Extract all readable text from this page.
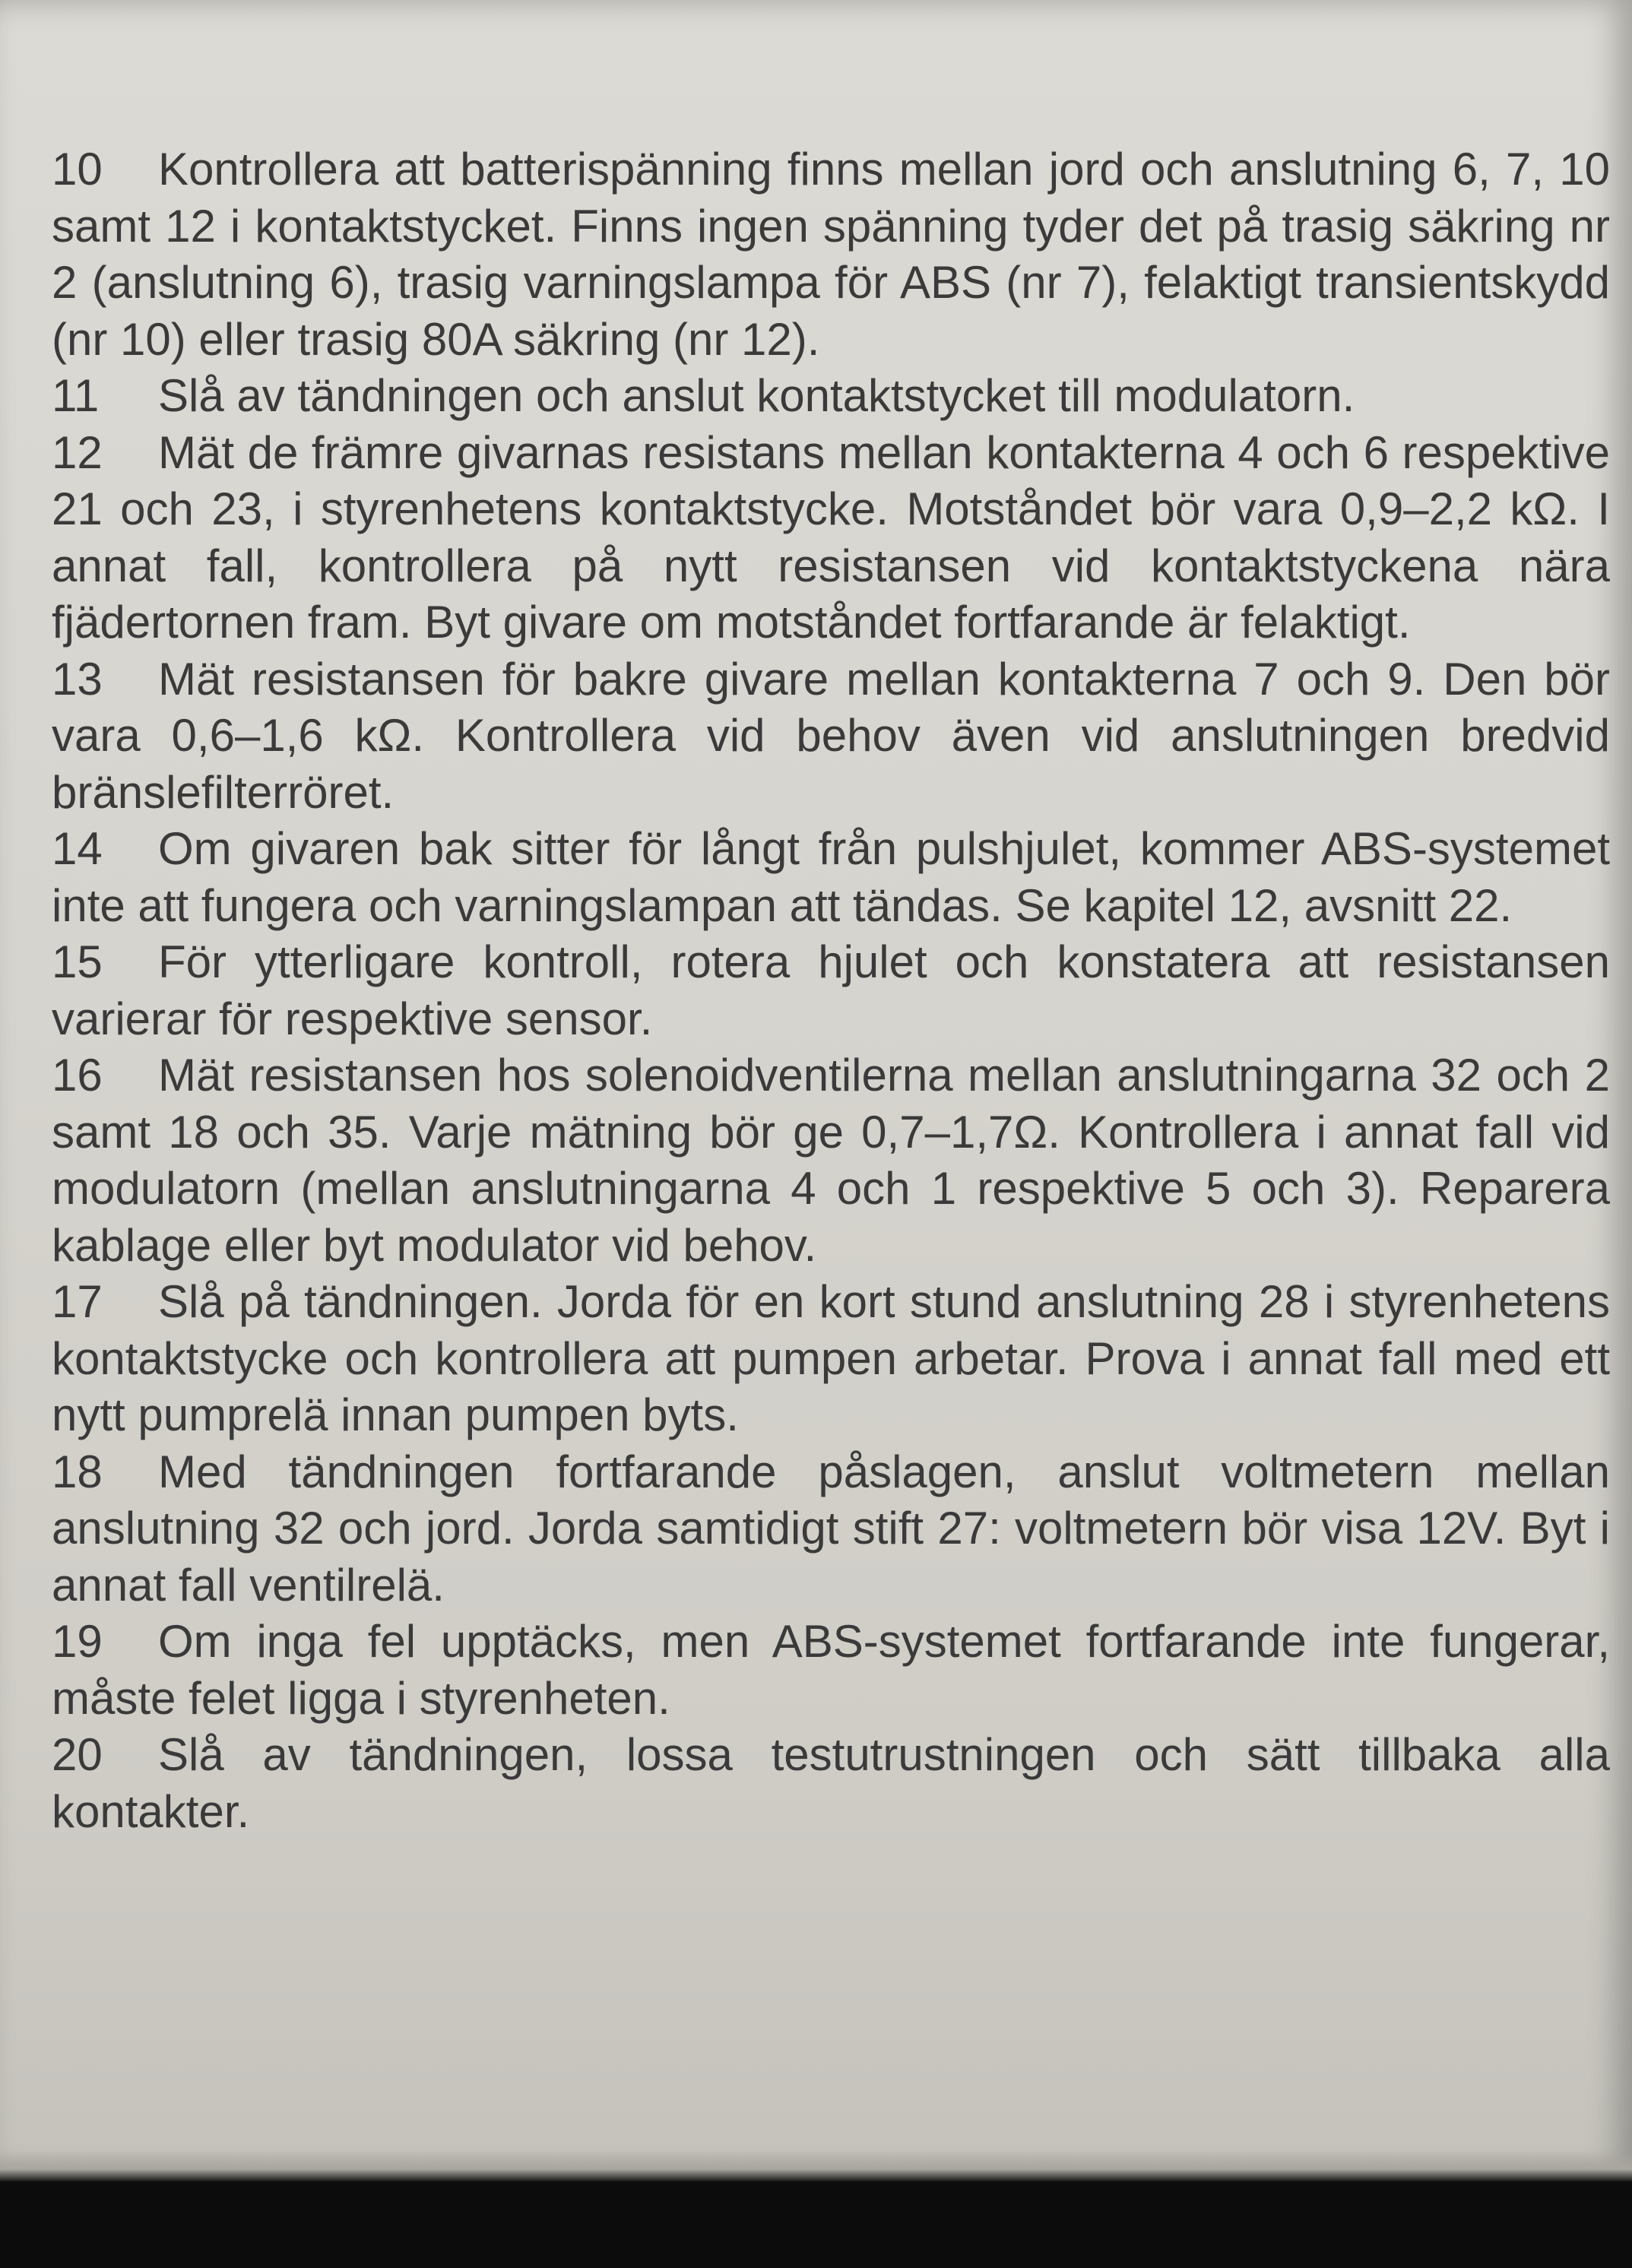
10 Kontrollera att batterispänning finns mellan jord och anslutning 6, 7, 10 samt 12 i kontaktstycket. Finns ingen spänning tyder det på trasig säkring nr 2 (anslutning 6), trasig varningslampa för ABS (nr 7), felaktigt transientskydd (nr 10) eller trasig 80A säkring (nr 12).

11 Slå av tändningen och anslut kontaktstycket till modulatorn.

12 Mät de främre givarnas resistans mellan kontakterna 4 och 6 respektive 21 och 23, i styrenhetens kontaktstycke. Motståndet bör vara 0,9–2,2 kΩ. I annat fall, kontrollera på nytt resistansen vid kontaktstyckena nära fjädertornen fram. Byt givare om motståndet fortfarande är felaktigt.

13 Mät resistansen för bakre givare mellan kontakterna 7 och 9. Den bör vara 0,6–1,6 kΩ. Kontrollera vid behov även vid anslutningen bredvid bränslefilterröret.

14 Om givaren bak sitter för långt från pulshjulet, kommer ABS-systemet inte att fungera och varningslampan att tändas. Se kapitel 12, avsnitt 22.

15 För ytterligare kontroll, rotera hjulet och konstatera att resistansen varierar för respektive sensor.

16 Mät resistansen hos solenoidventilerna mellan anslutningarna 32 och 2 samt 18 och 35. Varje mätning bör ge 0,7–1,7Ω. Kontrollera i annat fall vid modulatorn (mellan anslutningarna 4 och 1 respektive 5 och 3). Reparera kablage eller byt modulator vid behov.

17 Slå på tändningen. Jorda för en kort stund anslutning 28 i styrenhetens kontaktstycke och kontrollera att pumpen arbetar. Prova i annat fall med ett nytt pumprelä innan pumpen byts.

18 Med tändningen fortfarande påslagen, anslut voltmetern mellan anslutning 32 och jord. Jorda samtidigt stift 27: voltmetern bör visa 12V. Byt i annat fall ventilrelä.

19 Om inga fel upptäcks, men ABS-systemet fortfarande inte fungerar, måste felet ligga i styrenheten.

20 Slå av tändningen, lossa testutrustningen och sätt tillbaka alla kontakter.
